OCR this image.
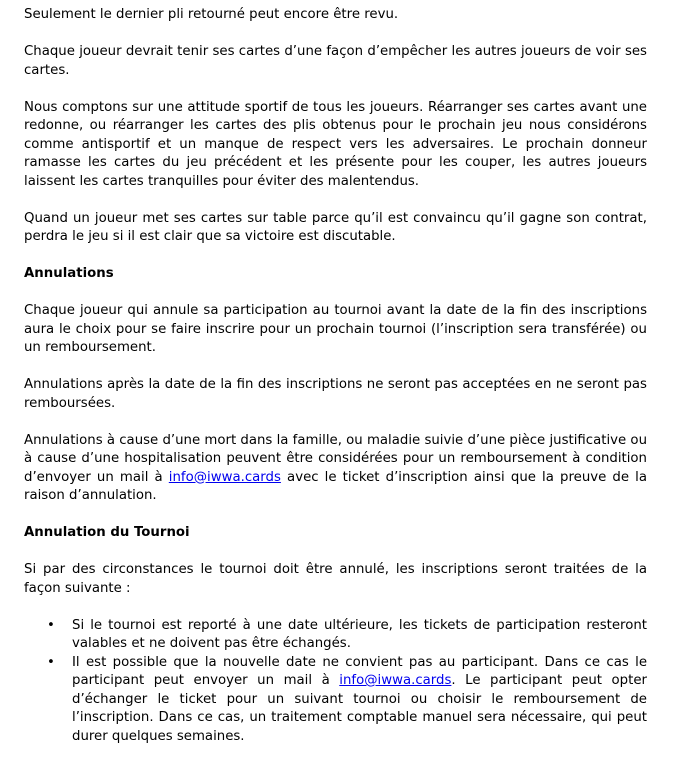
Seulement le dernier pli retourné peut encore être revu.

Chaque joueur devrait tenir ses cartes d’une façon d’empêcher les autres joueurs de voir ses cartes.

Nous comptons sur une attitude sportif de tous les joueurs. Réarranger ses cartes avant une redonne, ou réarranger les cartes des plis obtenus pour le prochain jeu nous considérons comme antisportif et un manque de respect vers les adversaires. Le prochain donneur ramasse les cartes du jeu précédent et les présente pour les couper, les autres joueurs laissent les cartes tranquilles pour éviter des malentendus.

Quand un joueur met ses cartes sur table parce qu’il est convaincu qu’il gagne son contrat, perdra le jeu si il est clair que sa victoire est discutable.

Annulations

Chaque joueur qui annule sa participation au tournoi avant la date de la fin des inscriptions aura le choix pour se faire inscrire pour un prochain tournoi (l’inscription sera transférée) ou un remboursement.

Annulations après la date de la fin des inscriptions ne seront pas acceptées en ne seront pas remboursées.

Annulations à cause d’une mort dans la famille, ou maladie suivie d’une pièce justificative ou à cause d’une hospitalisation peuvent être considérées pour un remboursement à condition d’envoyer un mail à info@iwwa.cards avec le ticket d’inscription ainsi que la preuve de la raison d’annulation.

Annulation du Tournoi

Si par des circonstances le tournoi doit être annulé, les inscriptions seront traitées de la façon suivante :

• Si le tournoi est reporté à une date ultérieure, les tickets de participation resteront valables et ne doivent pas être échangés.
• Il est possible que la nouvelle date ne convient pas au participant. Dans ce cas le participant peut envoyer un mail à info@iwwa.cards. Le participant peut opter d’échanger le ticket pour un suivant tournoi ou choisir le remboursement de l’inscription. Dans ce cas, un traitement comptable manuel sera nécessaire, qui peut durer quelques semaines.
